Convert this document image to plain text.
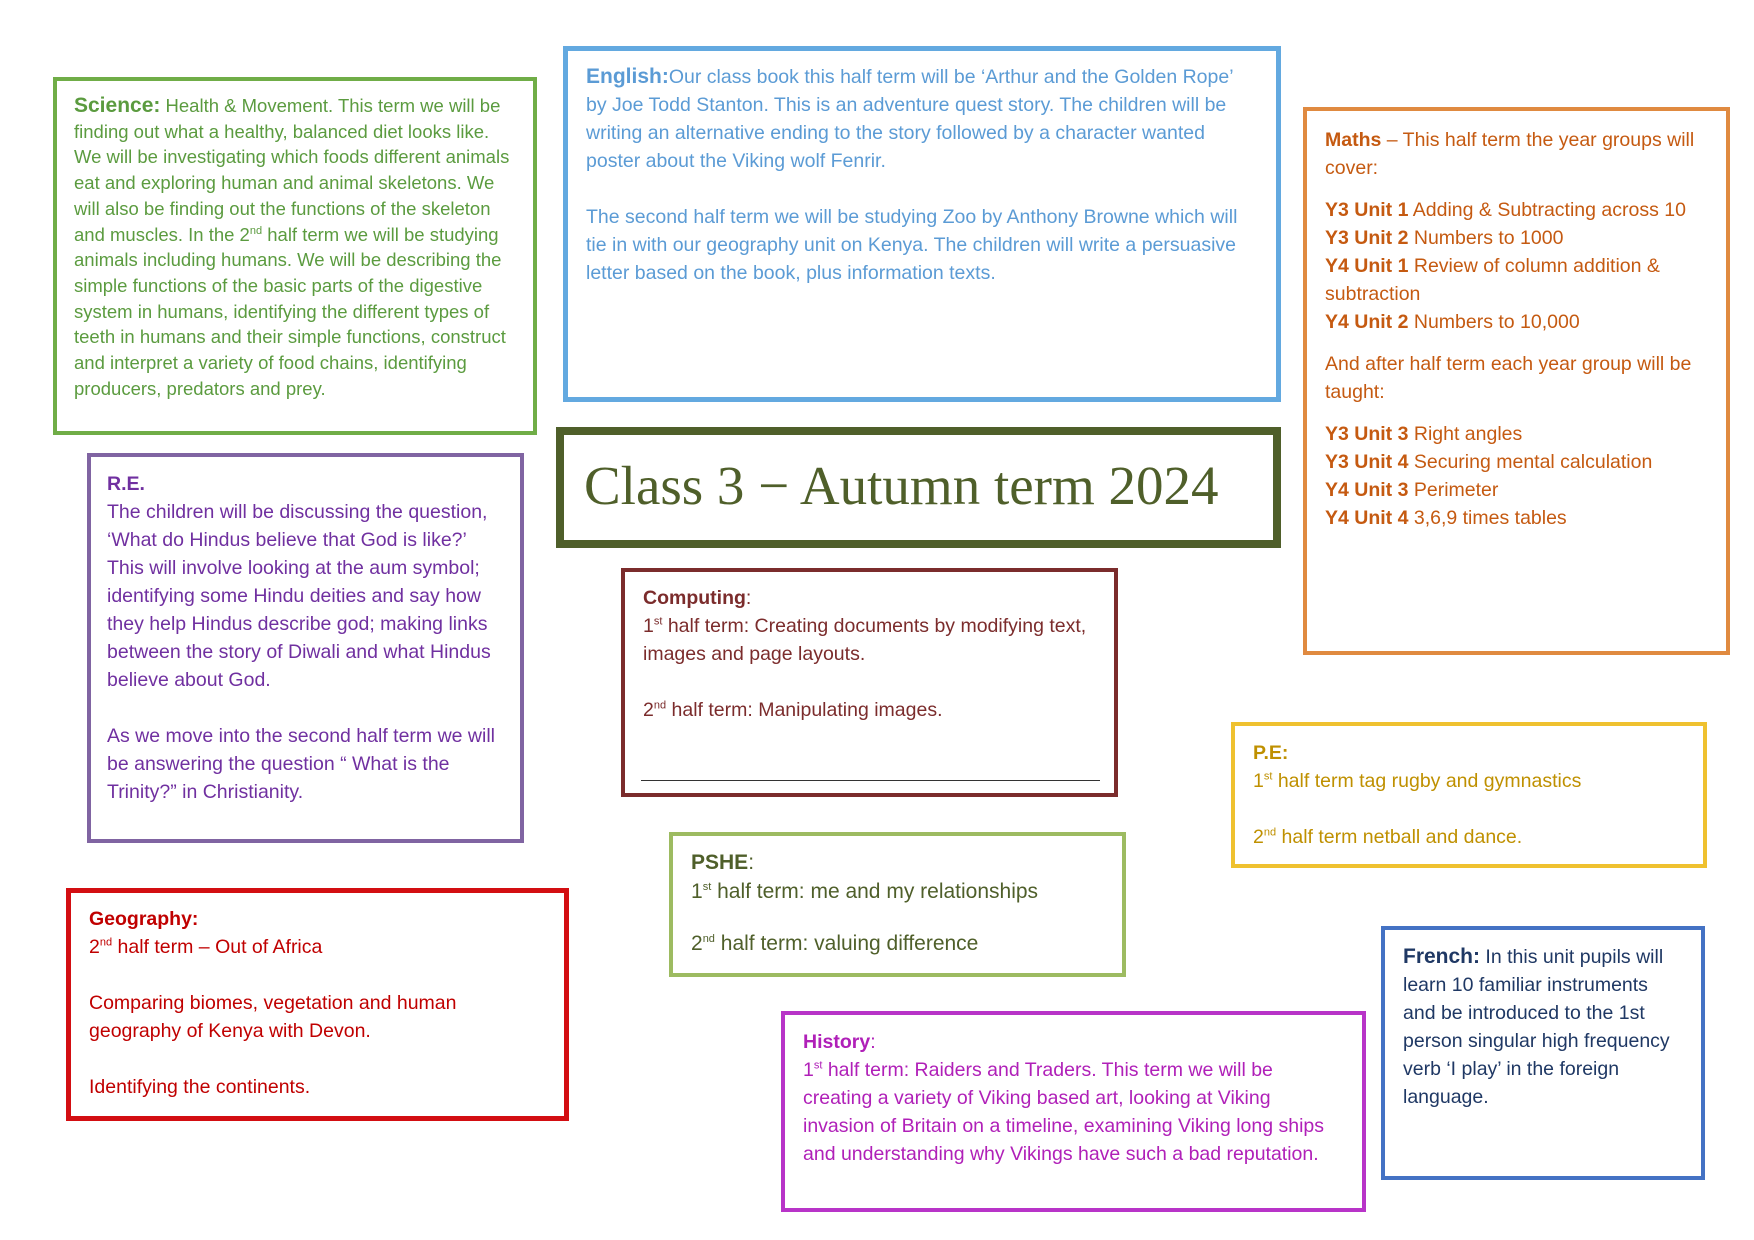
Science: Health & Movement. This term we will be finding out what a healthy, balanced diet looks like. We will be investigating which foods different animals eat and exploring human and animal skeletons. We will also be finding out the functions of the skeleton and muscles. In the 2nd half term we will be studying animals including humans. We will be describing the simple functions of the basic parts of the digestive system in humans, identifying the different types of teeth in humans and their simple functions, construct and interpret a variety of food chains, identifying producers, predators and prey.

English:Our class book this half term will be ‘Arthur and the Golden Rope’ by Joe Todd Stanton. This is an adventure quest story. The children will be writing an alternative ending to the story followed by a character wanted poster about the Viking wolf Fenrir.

The second half term we will be studying Zoo by Anthony Browne which will tie in with our geography unit on Kenya. The children will write a persuasive letter based on the book, plus information texts.

Maths – This half term the year groups will cover:

Y3 Unit 1 Adding & Subtracting across 10
Y3 Unit 2 Numbers to 1000
Y4 Unit 1 Review of column addition & subtraction
Y4 Unit 2 Numbers to 10,000

And after half term each year group will be taught:

Y3 Unit 3 Right angles
Y3 Unit 4 Securing mental calculation
Y4 Unit 3 Perimeter
Y4 Unit 4 3,6,9 times tables

Class 3 − Autumn term 2024

R.E.

The children will be discussing the question, ‘What do Hindus believe that God is like?’ This will involve looking at the aum symbol; identifying some Hindu deities and say how they help Hindus describe god; making links between the story of Diwali and what Hindus believe about God.

As we move into the second half term we will be answering the question “ What is the Trinity?” in Christianity.

Computing:

1st half term: Creating documents by modifying text, images and page layouts.

2nd half term: Manipulating images.

P.E:

1st half term tag rugby and gymnastics

2nd half term netball and dance.

PSHE:

1st half term: me and my relationships

2nd half term: valuing difference

Geography:

2nd half term – Out of Africa

Comparing biomes, vegetation and human geography of Kenya with Devon.

Identifying the continents.

French: In this unit pupils will learn 10 familiar instruments and be introduced to the 1st person singular high frequency verb ‘I play’ in the foreign language.

History:

1st half term: Raiders and Traders. This term we will be creating a variety of Viking based art, looking at Viking invasion of Britain on a timeline, examining Viking long ships and understanding why Vikings have such a bad reputation.
